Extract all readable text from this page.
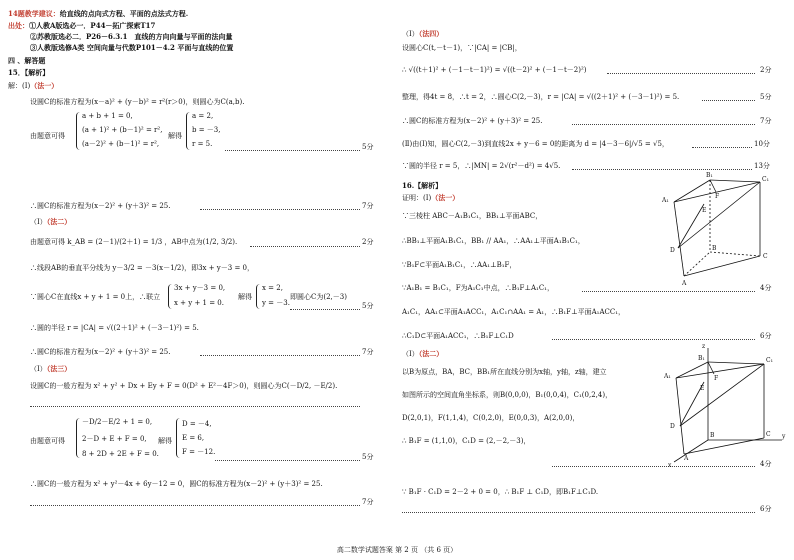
14题教学建议：给直线的点向式方程、平面的点法式方程.
出处：①人教A版选必一．P44－拓广探索T17
②苏教版选必二．P26－6.3.1　直线的方向向量与平面的法向量
③人教版选修A类 空间向量与代数P101－4.2 平面与直线的位置
四 、解答题
15．【解析】
解：(Ⅰ)（法一）
设圆C的标准方程为(x－a)² + (y－b)² = r²(r＞0)，则圆心为C(a,b).
由题意可得
a + b + 1 = 0,
(a + 1)² + (b－1)² = r²,
(a－2)² + (b－1)² = r²,
解得
a = 2,
b = －3,
r = 5.	5分
∴圆C的标准方程为(x－2)² + (y＋3)² = 25.	7分
（Ⅰ）（法二）
由题意可得 k_AB = (2－1)/(2＋1) = 1/3 ，AB中点为(1/2, 3/2).	2分
∴线段AB的垂直平分线为 y－3/2 = －3(x－1/2)，即3x + y－3 = 0，
∵圆心C在直线x + y + 1 = 0上，∴联立
3x + y－3 = 0,
x + y + 1 = 0.
解得
x = 2,
y = －3.
即圆心C为(2,－3)
5分
∴圆的半径 r = |CA| = √((2＋1)² + (－3－1)²) = 5.
∴圆C的标准方程为(x－2)² + (y＋3)² = 25.	7分
（Ⅰ）（法三）
设圆C的一般方程为 x² + y² + Dx + Ey + F = 0(D² + E²－4F＞0)，则圆心为C(－D/2, －E/2).
由题意可得
－D/2－E/2 + 1 = 0,
2－D + E + F = 0,
8 + 2D + 2E + F = 0.
解得
D = －4,
E = 6,
F = －12.
5分
∴圆C的一般方程为 x² + y²－4x + 6y－12 = 0，圆C的标准方程为(x－2)² + (y＋3)² = 25.
7分
（Ⅰ）（法四）
设圆心C(t,－t－1)，∵|CA| = |CB|，
∴ √((t＋1)² + (－1－t－1)²) = √((t－2)² + (－1－t－2)²)	2分
整理，得4t = 8，∴t = 2，∴圆心C(2,－3)，r = |CA| = √((2＋1)² + (－3－1)²) = 5.	5分
∴圆C的标准方程为(x－2)² + (y＋3)² = 25.	7分
(Ⅱ)由(Ⅰ)知，圆心C(2,－3)到直线2x + y－6 = 0的距离为 d = |4－3－6|/√5 = √5，	10分
∵圆的半径 r = 5，∴|MN| = 2√(r²－d²) = 4√5.	13分
16.【解析】
证明：(Ⅰ)（法一）
∵三棱柱 ABC－A₁B₁C₁，BB₁⊥平面ABC，
∴BB₁⊥平面A₁B₁C₁，BB₁ // AA₁，∴AA₁⊥平面A₁B₁C₁，
∵B₁F⊂平面A₁B₁C₁，∴AA₁⊥B₁F，
∵A₁B₁ = B₁C₁，F为A₁C₁中点，∴B₁F⊥A₁C₁，	4分
A₁C₁，AA₁⊂平面A₁ACC₁，A₁C₁∩AA₁ = A₁，∴B₁F⊥平面A₁ACC₁，
∴C₁D⊂平面A₁ACC₁，∴B₁F⊥C₁D	6分
（Ⅰ）（法二）
以B为原点，BA，BC，BB₁所在直线分别为x轴，y轴，z轴，建立
如图所示的空间直角坐标系，则B(0,0,0)，B₁(0,0,4)，C₁(0,2,4)，
D(2,0,1)，F(1,1,4)，C(0,2,0)，E(0,0,3)，A(2,0,0)，
∴ B₁F = (1,1,0)，C₁D = (2,－2,－3)，
4分
∵ B₁F · C₁D = 2－2 + 0 = 0，∴ B₁F ⊥ C₁D，即B₁F⊥C₁D.
6分
B₁
C₁
A₁
F
E
B
D
C
A
z
B₁	C₁
A₁	F
E
B
D
C y
A
x
高二数学试题答案 第 2 页 （共 6 页）
